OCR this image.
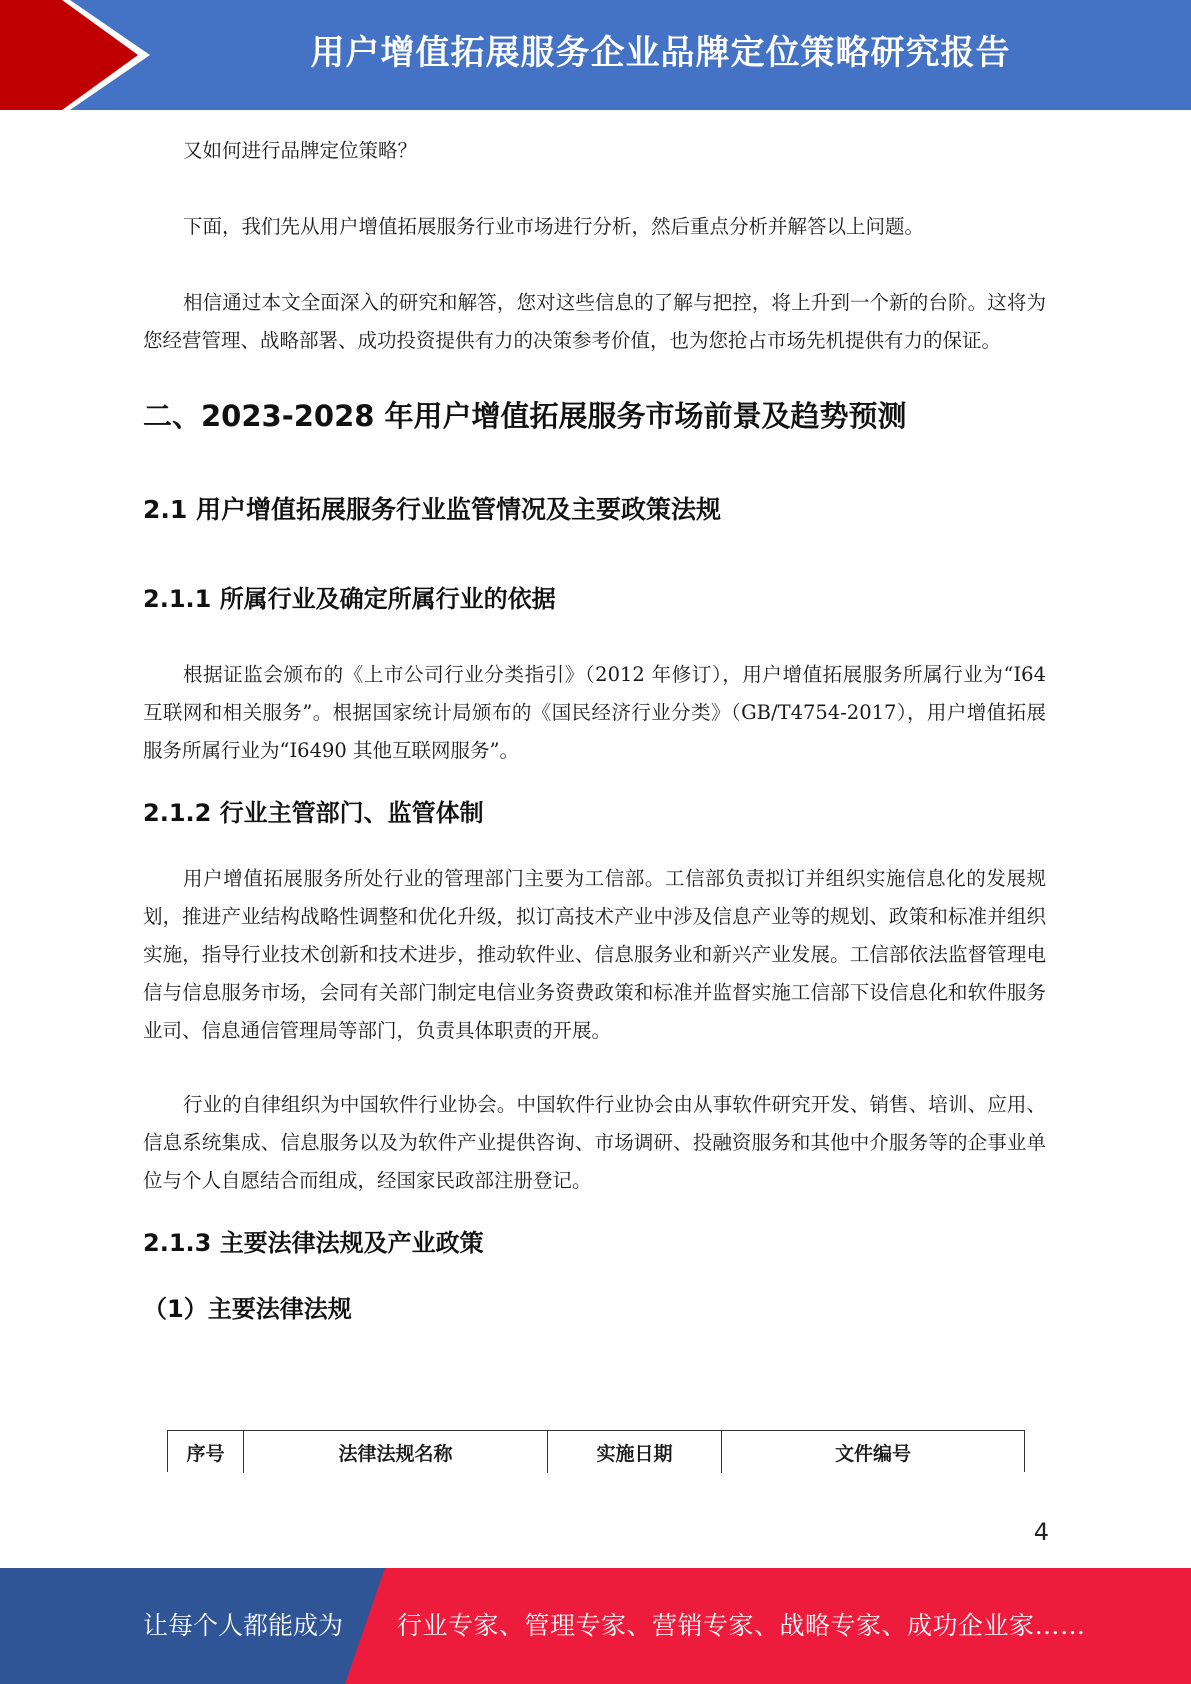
用户增值拓展服务企业品牌定位策略研究报告

又如何进行品牌定位策略？

下面，我们先从用户增值拓展服务行业市场进行分析，然后重点分析并解答以上问题。

相信通过本文全面深入的研究和解答，您对这些信息的了解与把控，将上升到一个新的台阶。这将为您经营管理、战略部署、成功投资提供有力的决策参考价值，也为您抢占市场先机提供有力的保证。

二、2023-2028 年用户增值拓展服务市场前景及趋势预测
2.1 用户增值拓展服务行业监管情况及主要政策法规
2.1.1 所属行业及确定所属行业的依据

根据证监会颁布的《上市公司行业分类指引》（2012 年修订），用户增值拓展服务所属行业为“I64 互联网和相关服务”。根据国家统计局颁布的《国民经济行业分类》（GB/T4754-2017），用户增值拓展服务所属行业为“I6490 其他互联网服务”。

2.1.2 行业主管部门、监管体制

用户增值拓展服务所处行业的管理部门主要为工信部。工信部负责拟订并组织实施信息化的发展规划，推进产业结构战略性调整和优化升级，拟订高技术产业中涉及信息产业等的规划、政策和标准并组织实施，指导行业技术创新和技术进步，推动软件业、信息服务业和新兴产业发展。工信部依法监督管理电信与信息服务市场，会同有关部门制定电信业务资费政策和标准并监督实施工信部下设信息化和软件服务业司、信息通信管理局等部门，负责具体职责的开展。

行业的自律组织为中国软件行业协会。中国软件行业协会由从事软件研究开发、销售、培训、应用、信息系统集成、信息服务以及为软件产业提供咨询、市场调研、投融资服务和其他中介服务等的企事业单位与个人自愿结合而组成，经国家民政部注册登记。

2.1.3 主要法律法规及产业政策
（1）主要法律法规
序号	法律法规名称	实施日期	文件编号
4
让每个人都能成为 行业专家、管理专家、营销专家、战略专家、成功企业家……
